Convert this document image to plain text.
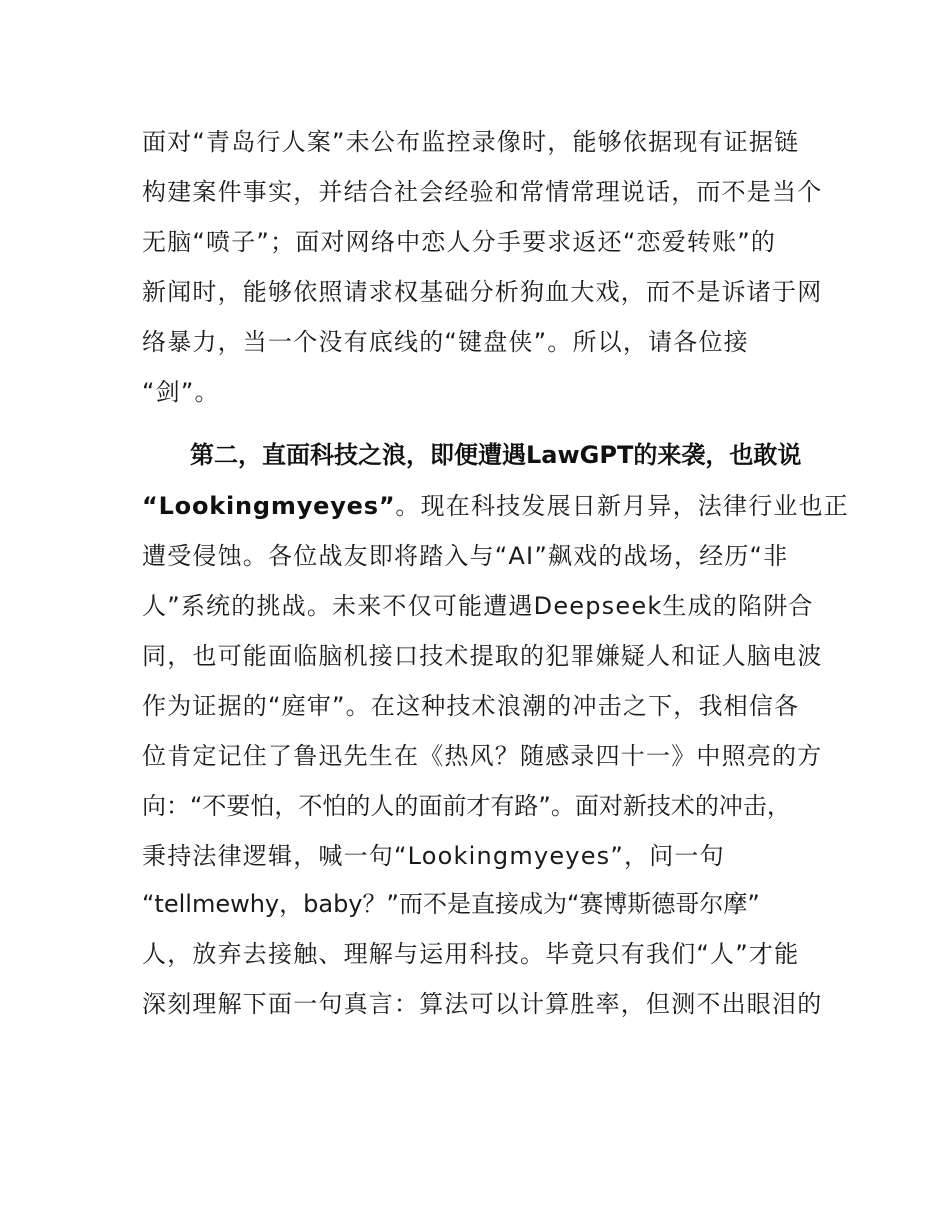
面对“青岛行人案”未公布监控录像时，能够依据现有证据链
构建案件事实，并结合社会经验和常情常理说话，而不是当个
无脑“喷子”；面对网络中恋人分手要求返还“恋爱转账”的
新闻时，能够依照请求权基础分析狗血大戏，而不是诉诸于网
络暴力，当一个没有底线的“键盘侠”。所以，请各位接
“剑”。
第二，直面科技之浪，即便遭遇LawGPT的来袭，也敢说
“Lookingmyeyes”。现在科技发展日新月异，法律行业也正
遭受侵蚀。各位战友即将踏入与“AI”飙戏的战场，经历“非
人”系统的挑战。未来不仅可能遭遇Deepseek生成的陷阱合
同，也可能面临脑机接口技术提取的犯罪嫌疑人和证人脑电波
作为证据的“庭审”。在这种技术浪潮的冲击之下，我相信各
位肯定记住了鲁迅先生在《热风？随感录四十一》中照亮的方
向：“不要怕，不怕的人的面前才有路”。面对新技术的冲击，
秉持法律逻辑，喊一句“Lookingmyeyes”，问一句
“tellmewhy，baby？”而不是直接成为“赛博斯德哥尔摩”
人，放弃去接触、理解与运用科技。毕竟只有我们“人”才能
深刻理解下面一句真言：算法可以计算胜率，但测不出眼泪的
